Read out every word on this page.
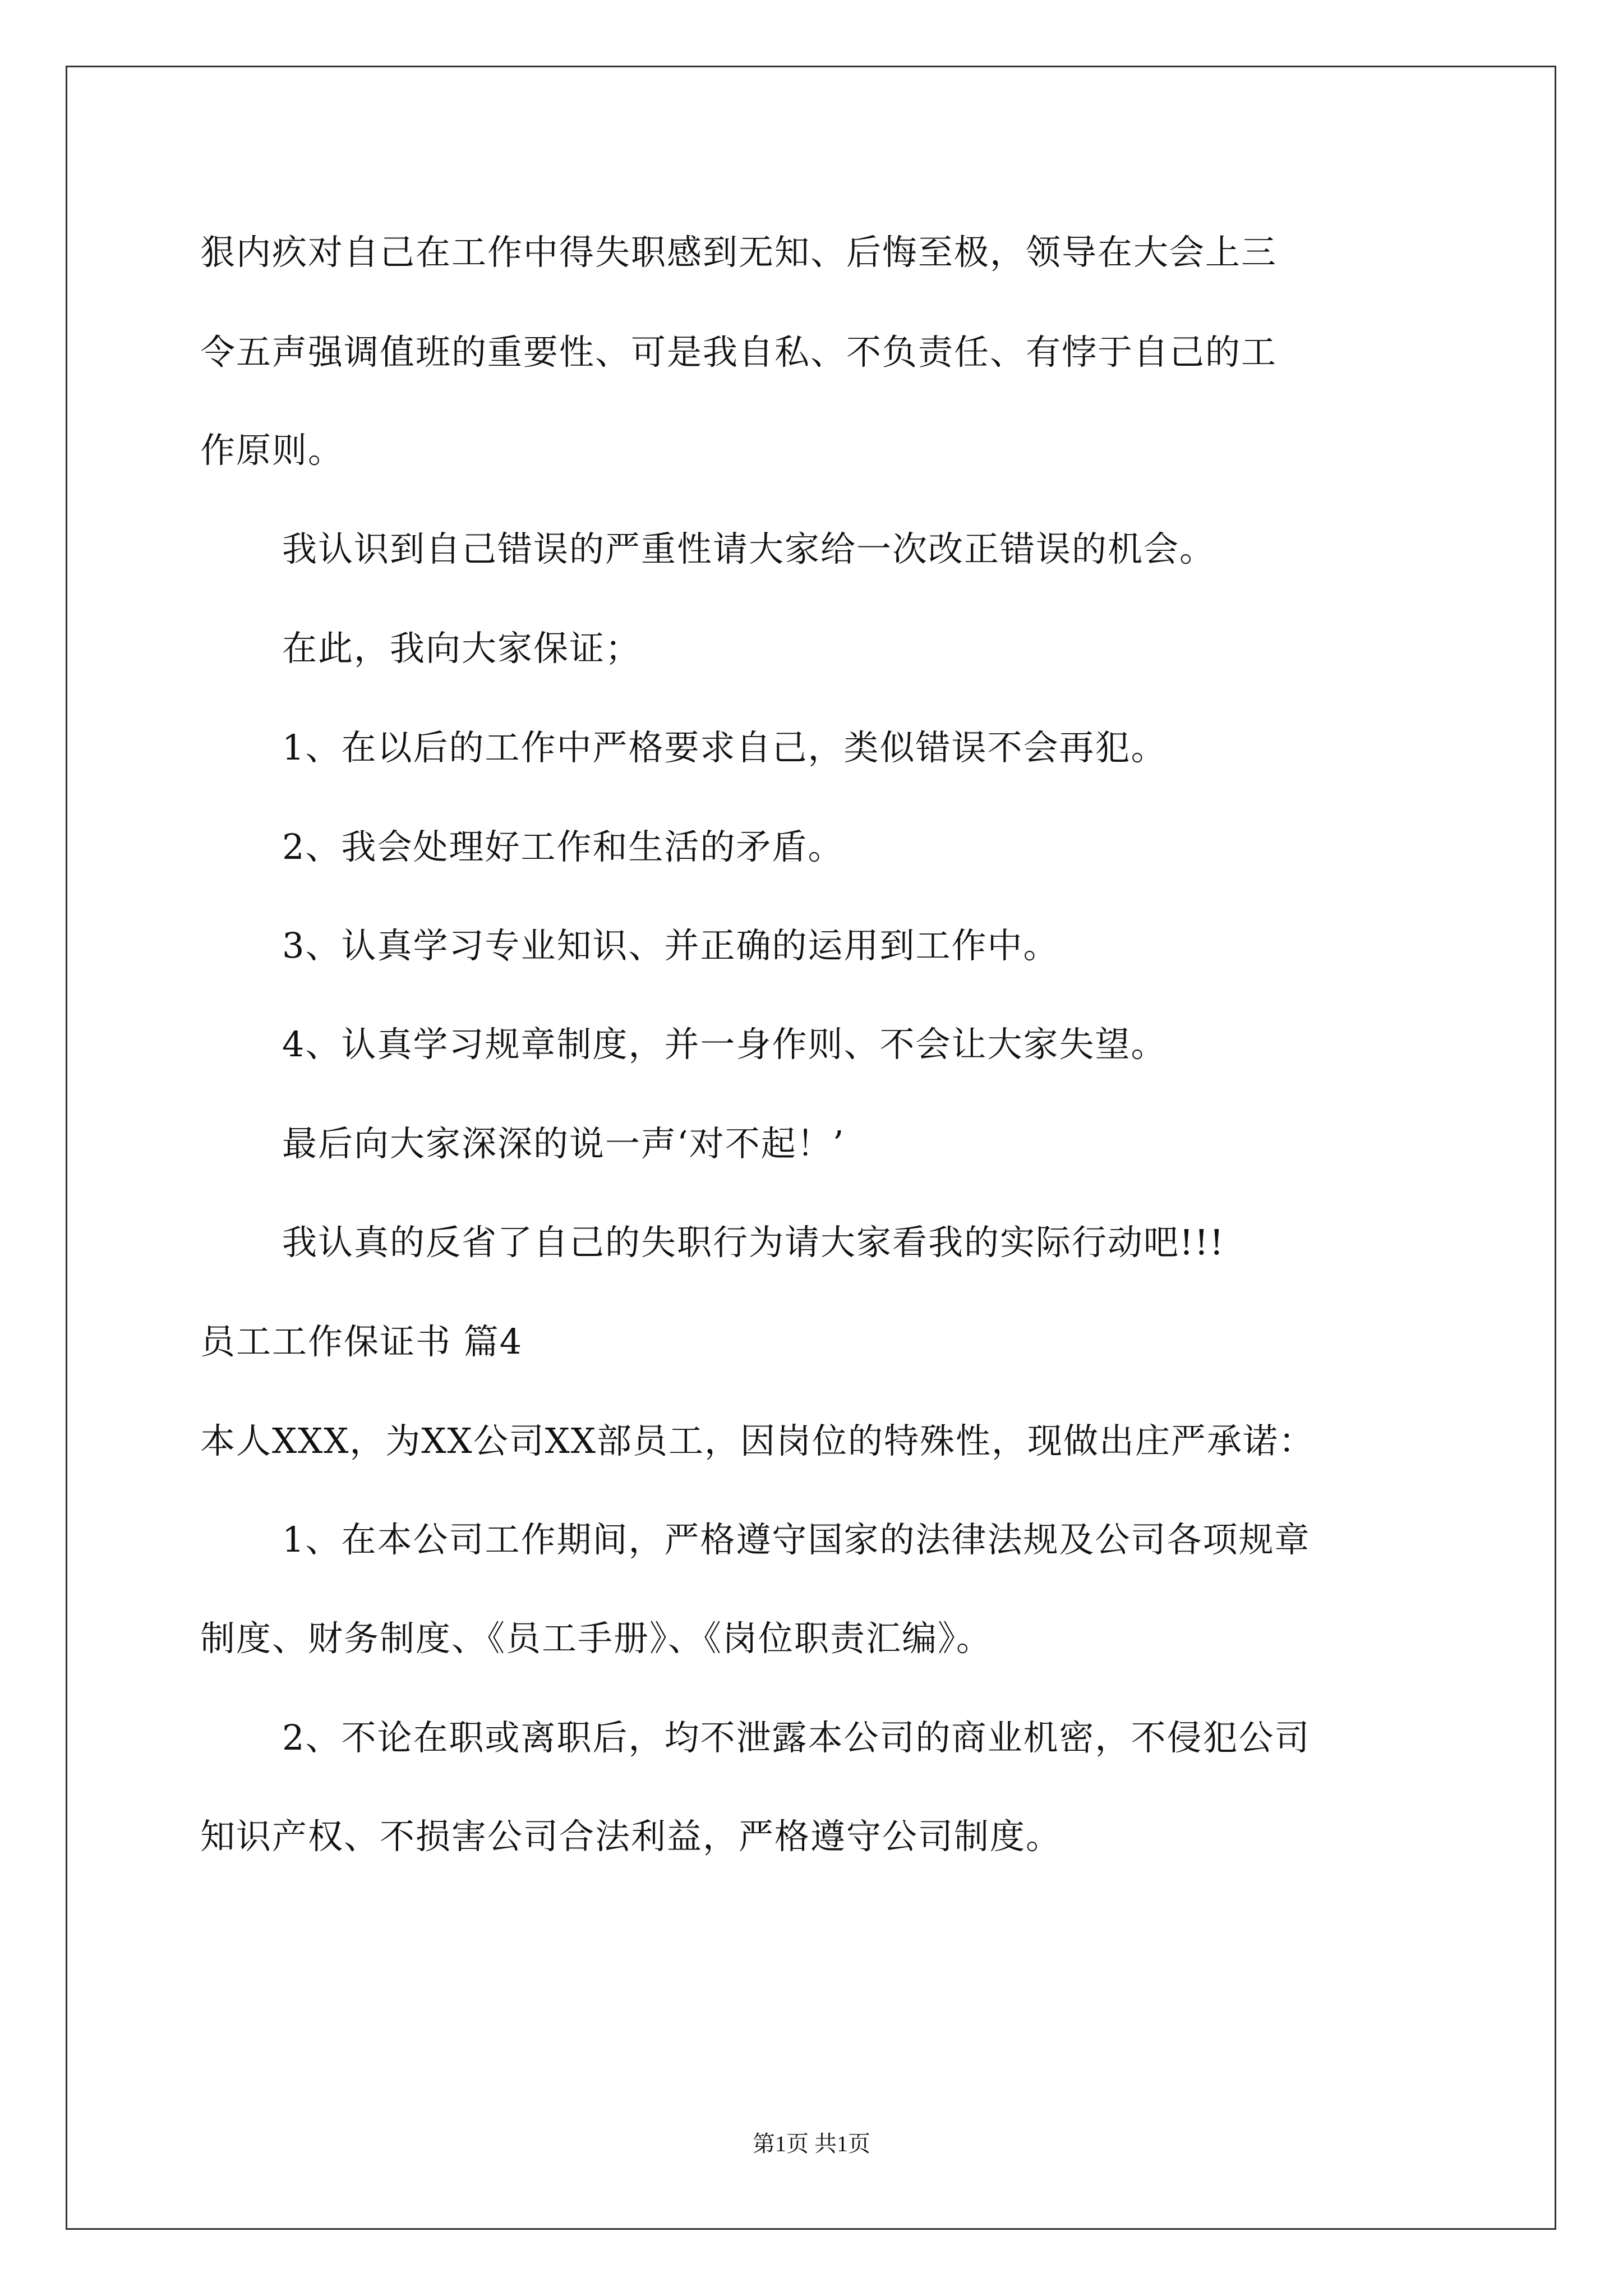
狠内疚对自己在工作中得失职感到无知、后悔至极，领导在大会上三
令五声强调值班的重要性、可是我自私、不负责任、有悖于自己的工
作原则。
我认识到自己错误的严重性请大家给一次改正错误的机会。
在此，我向大家保证；
1、在以后的工作中严格要求自己，类似错误不会再犯。
2、我会处理好工作和生活的矛盾。
3、认真学习专业知识、并正确的运用到工作中。
4、认真学习规章制度，并一身作则、不会让大家失望。
最后向大家深深的说一声‘对不起！’
我认真的反省了自己的失职行为请大家看我的实际行动吧!!!
员工工作保证书 篇4
本人XXX，为XX公司XX部员工，因岗位的特殊性，现做出庄严承诺：
1、在本公司工作期间，严格遵守国家的法律法规及公司各项规章
制度、财务制度、《员工手册》、《岗位职责汇编》。
2、不论在职或离职后，均不泄露本公司的商业机密，不侵犯公司
知识产权、不损害公司合法利益，严格遵守公司制度。
第1页 共1页
